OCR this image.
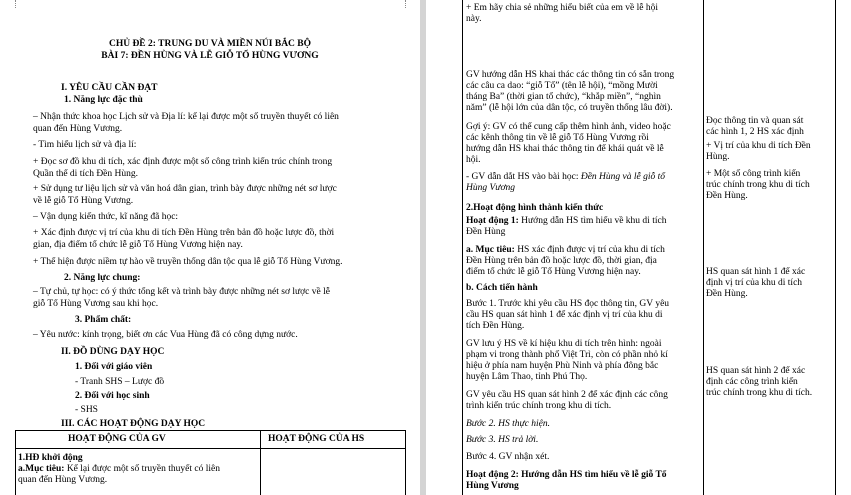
CHỦ ĐỀ 2: TRUNG DU VÀ MIỀN NÚI BẮC BỘ
BÀI 7: ĐỀN HÙNG VÀ LỄ GIỖ TỔ HÙNG VƯƠNG
I. YÊU CẦU CẦN ĐẠT
1. Năng lực đặc thù
– Nhận thức khoa học Lịch sử và Địa lí: kể lại được một số truyền thuyết có liên
quan đến Hùng Vương.
- Tìm hiểu lịch sử và địa lí:
+ Đọc sơ đồ khu di tích, xác định được một số công trình kiến trúc chính trong
Quần thể di tích Đền Hùng.
+ Sử dụng tư liệu lịch sử và văn hoá dân gian, trình bày được những nét sơ lược
về lễ giỗ Tổ Hùng Vương.
– Vận dụng kiến thức, kĩ năng đã học:
+ Xác định được vị trí của khu di tích Đền Hùng trên bản đồ hoặc lược đồ, thời
gian, địa điểm tổ chức lễ giỗ Tổ Hùng Vương hiện nay.
+ Thể hiện được niềm tự hào về truyền thống dân tộc qua lễ giỗ Tổ Hùng Vương.
2. Năng lực chung:
– Tự chủ, tự học: có ý thức tổng kết và trình bày được những nét sơ lược về lễ
giỗ Tổ Hùng Vương sau khi học.
3. Phẩm chất:
– Yêu nước: kính trọng, biết ơn các Vua Hùng đã có công dựng nước.
II. ĐỒ DÙNG DẠY HỌC
1. Đối với giáo viên
- Tranh SHS – Lược đồ
2. Đối với học sinh
- SHS
III. CÁC HOẠT ĐỘNG DẠY HỌC
HOẠT ĐỘNG CỦA GV	HOẠT ĐỘNG CỦA HS
1.HĐ khởi động
a.Mục tiêu: Kể lại được một số truyền thuyết có liên
quan đến Hùng Vương.
+ Em hãy chia sẻ những hiểu biết của em về lễ hội
này.
GV hướng dẫn HS khai thác các thông tin có sẵn trong
các câu ca dao: “giỗ Tổ” (tên lễ hội), “mồng Mười
tháng Ba” (thời gian tổ chức), “khắp miền”, “nghìn
năm” (lễ hội lớn của dân tộc, có truyền thống lâu đời).
Gợi ý: GV có thể cung cấp thêm hình ảnh, video hoặc
các kênh thông tin về lễ giỗ Tổ Hùng Vương rồi
hướng dẫn HS khai thác thông tin để khái quát về lễ
hội.
- GV dẫn dắt HS vào bài học: Đền Hùng và lễ giỗ tổ
Hùng Vương
2.Hoạt động hình thành kiến thức
Hoạt động 1: Hướng dẫn HS tìm hiểu về khu di tích
Đền Hùng
a. Mục tiêu: HS xác định được vị trí của khu di tích
Đền Hùng trên bản đồ hoặc lược đồ, thời gian, địa
điểm tổ chức lễ giỗ Tổ Hùng Vương hiện nay.
b. Cách tiến hành
Bước 1. Trước khi yêu cầu HS đọc thông tin, GV yêu
cầu HS quan sát hình 1 để xác định vị trí của khu di
tích Đền Hùng.
GV lưu ý HS về kí hiệu khu di tích trên hình: ngoài
phạm vi trong thành phố Việt Trì, còn có phần nhỏ kí
hiệu ở phía nam huyện Phù Ninh và phía đông bắc
huyện Lâm Thao, tỉnh Phú Thọ.
GV yêu cầu HS quan sát hình 2 để xác định các công
trình kiến trúc chính trong khu di tích.
Bước 2. HS thực hiện.
Bước 3. HS trả lời.
Bước 4. GV nhận xét.
Hoạt động 2: Hướng dẫn HS tìm hiểu về lễ giỗ Tổ
Hùng Vương
Đọc thông tin và quan sát
các hình 1, 2 HS xác định
+ Vị trí của khu di tích Đền
Hùng.
+ Một số công trình kiến
trúc chính trong khu di tích
Đền Hùng.
HS quan sát hình 1 để xác
định vị trí của khu di tích
Đền Hùng.
HS quan sát hình 2 để xác
định các công trình kiến
trúc chính trong khu di tích.
